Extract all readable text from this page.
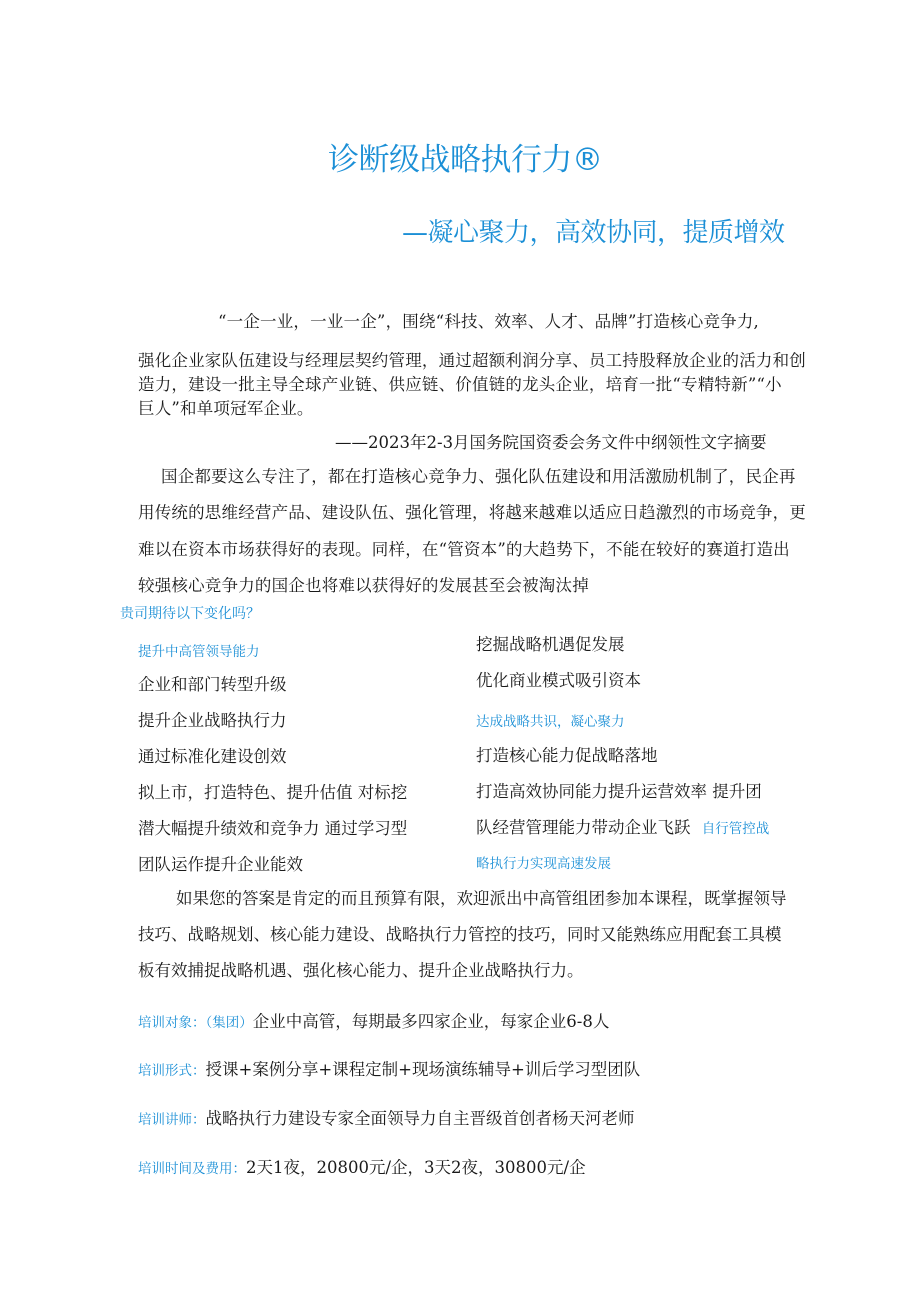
诊断级战略执行力®
—凝心聚力，高效协同，提质增效
“一企一业，一业一企”，围绕“科技、效率、人才、品牌”打造核心竞争力,
强化企业家队伍建设与经理层契约管理，通过超额利润分享、员工持股释放企业的活力和创
造力，建设一批主导全球产业链、供应链、价值链的龙头企业，培育一批“专精特新”“小
巨人”和单项冠军企业。
——2023年2-3月国务院国资委会务文件中纲领性文字摘要
国企都要这么专注了，都在打造核心竞争力、强化队伍建设和用活激励机制了，民企再
用传统的思维经营产品、建设队伍、强化管理，将越来越难以适应日趋激烈的市场竞争，更
难以在资本市场获得好的表现。同样，在“管资本”的大趋势下，不能在较好的赛道打造出
较强核心竞争力的国企也将难以获得好的发展甚至会被淘汰掉
贵司期待以下变化吗？
提升中高管领导能力
企业和部门转型升级
提升企业战略执行力
通过标准化建设创效
拟上市，打造特色、提升估值 对标挖
潜大幅提升绩效和竞争力 通过学习型
团队运作提升企业能效
挖掘战略机遇促发展
优化商业模式吸引资本
达成战略共识，凝心聚力
打造核心能力促战略落地
打造高效协同能力提升运营效率 提升团
队经营管理能力带动企业飞跃 自行管控战
略执行力实现高速发展
如果您的答案是肯定的而且预算有限，欢迎派出中高管组团参加本课程，既掌握领导
技巧、战略规划、核心能力建设、战略执行力管控的技巧，同时又能熟练应用配套工具模
板有效捕捉战略机遇、强化核心能力、提升企业战略执行力。
培训对象：（集团）企业中高管，每期最多四家企业，每家企业6-8人
培训形式：授课+案例分享+课程定制+现场演练辅导+训后学习型团队
培训讲师：战略执行力建设专家全面领导力自主晋级首创者杨天河老师
培训时间及费用：2天1夜，20800元/企，3天2夜，30800元/企
